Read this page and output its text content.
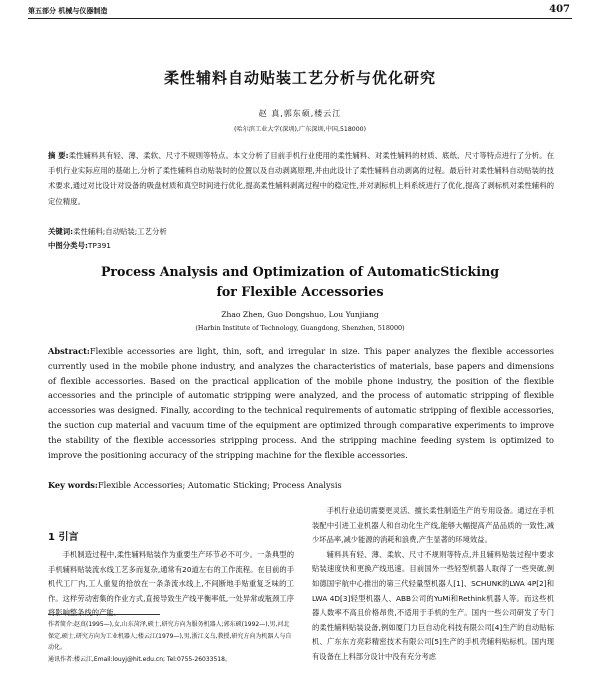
第五部分 机械与仪器制造	407
柔性辅料自动贴装工艺分析与优化研究
赵 真,郭东硕,楼云江
(哈尔滨工业大学(深圳),广东深圳,中国,518000)
摘 要:柔性辅料具有轻、薄、柔软、尺寸不规则等特点。本文分析了目前手机行业使用的柔性辅料、对柔性辅料的材质、底纸、尺寸等特点进行了分析。在手机行业实际应用的基础上,分析了柔性辅料自动贴装时的位置以及自动剥离原理,并由此设计了柔性辅料自动剥离的过程。最后针对柔性辅料自动贴装的技术要求,通过对比设计对设备的吸盘材质和真空时间进行优化,提高柔性辅料剥离过程中的稳定性,并对剥标机上料系统进行了优化,提高了剥标机对柔性辅料的定位精度。
关键词:柔性辅料;自动贴装;工艺分析
中图分类号:TP391
Process Analysis and Optimization of AutomaticSticking
for Flexible Accessories
Zhao Zhen, Guo Dongshuo, Lou Yunjiang
(Harbin Institute of Technology, Guangdong, Shenzhen, 518000)
Abstract:Flexible accessories are light, thin, soft, and irregular in size. This paper analyzes the flexible accessories currently used in the mobile phone industry, and analyzes the characteristics of materials, base papers and dimensions of flexible accessories. Based on the practical application of the mobile phone industry, the position of the flexible accessories and the principle of automatic stripping were analyzed, and the process of automatic stripping of flexible accessories was designed. Finally, according to the technical requirements of automatic stripping of flexible accessories, the suction cup material and vacuum time of the equipment are optimized through comparative experiments to improve the stability of the flexible accessories stripping process. And the stripping machine feeding system is optimized to improve the positioning accuracy of the stripping machine for the flexible accessories.
Key words:Flexible Accessories; Automatic Sticking; Process Analysis
1 引言
手机制造过程中,柔性辅料贴装作为重要生产环节必不可少。一条典型的手机辅料贴装流水线工艺多而复杂,通常有20道左右的工作流程。在目前的手机代工厂内,工人重复的拾放在一条条流水线上,不间断地手贴重复乏味的工作。这样劳动密集的作业方式,直接导致生产线平衡率低,一处异常或瓶颈工序将影响整条线的产能。
作者简介:赵真(1995—),女,山东菏泽,硕士,研究方向为服务机器人;郭东硕(1992—),男,河北保定,硕士,研究方向为工业机器人;楼云江(1979—),男,浙江义乌,教授,研究方向为机器人与自动化。
通讯作者:楼云江,Email:louyj@hit.edu.cn; Tel:0755-26033518。

手机行业追切需要更灵活、擅长柔性制造生产的专用设备。通过在手机装配中引进工业机器人和自动化生产线,能够大幅提高产品品质的一致性,减少坏品率,减少能源的消耗和浪费,产生显著的环境效益。

辅料具有轻、薄、柔软、尺寸不规则等特点,并且辅料贴装过程中要求贴装速度快和更换产线迅速。目前国外一些轻型机器人取得了一些突破,例如德国宇航中心推出的第三代轻量型机器人[1]、SCHUNK的LWA 4P[2]和LWA 4D[3]轻型机器人、ABB公司的YuMi和Rethink机器人等。而这些机器人数率不高且价格昂贵,不适用于手机的生产。国内一些公司研发了专门的柔性辅料贴装设备,例如厦门力巨自动化科技有限公司[4]生产的自动贴标机、广东东方亮彩精密技术有限公司[5]生产的手机壳辅料贴标机。国内现有设备在上料部分设计中没有充分考虑
